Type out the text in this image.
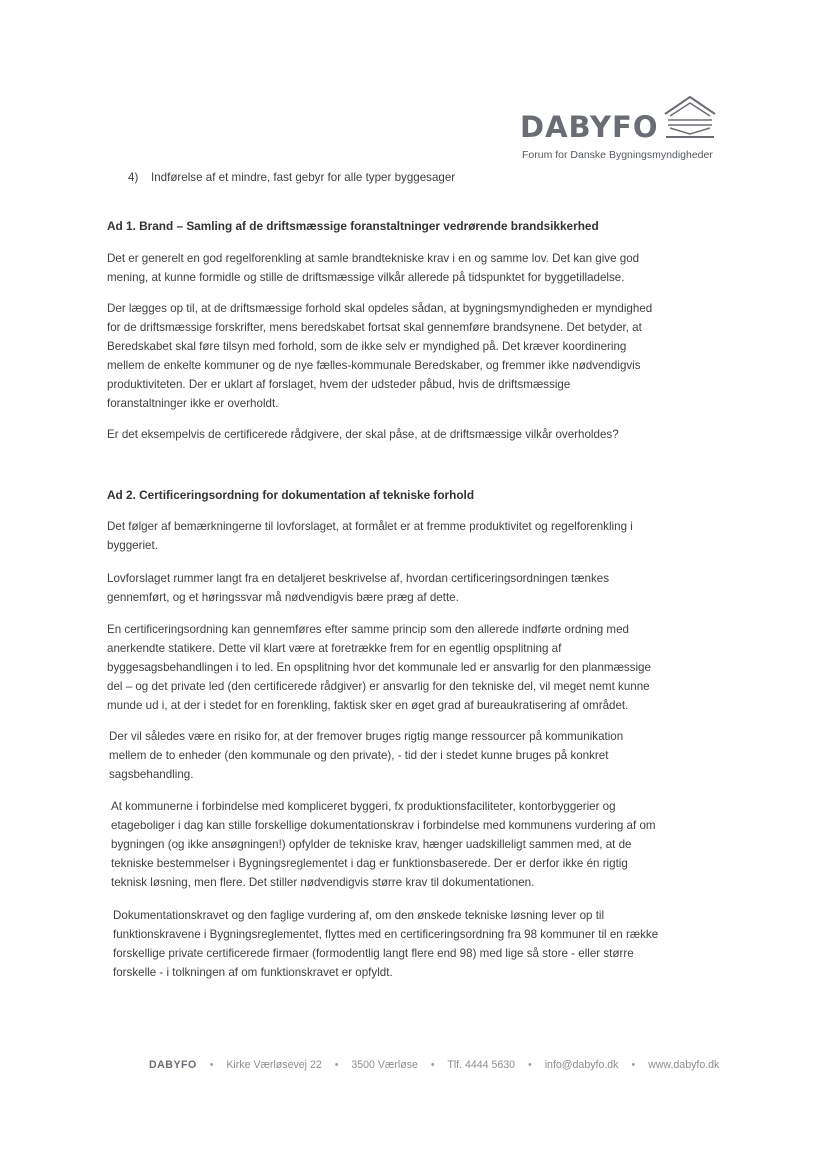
DABYFO
Forum for Danske Bygningsmyndigheder
4) Indførelse af et mindre, fast gebyr for alle typer byggesager
Ad 1. Brand – Samling af de driftsmæssige foranstaltninger vedrørende brandsikkerhed
Det er generelt en god regelforenkling at samle brandtekniske krav i en og samme lov. Det kan give god
mening, at kunne formidle og stille de driftsmæssige vilkår allerede på tidspunktet for byggetilladelse.
Der lægges op til, at de driftsmæssige forhold skal opdeles sådan, at bygningsmyndigheden er myndighed
for de driftsmæssige forskrifter, mens beredskabet fortsat skal gennemføre brandsynene. Det betyder, at
Beredskabet skal føre tilsyn med forhold, som de ikke selv er myndighed på. Det kræver koordinering
mellem de enkelte kommuner og de nye fælles-kommunale Beredskaber, og fremmer ikke nødvendigvis
produktiviteten. Der er uklart af forslaget, hvem der udsteder påbud, hvis de driftsmæssige
foranstaltninger ikke er overholdt.
Er det eksempelvis de certificerede rådgivere, der skal påse, at de driftsmæssige vilkår overholdes?
Ad 2. Certificeringsordning for dokumentation af tekniske forhold
Det følger af bemærkningerne til lovforslaget, at formålet er at fremme produktivitet og regelforenkling i
byggeriet.
Lovforslaget rummer langt fra en detaljeret beskrivelse af, hvordan certificeringsordningen tænkes
gennemført, og et høringssvar må nødvendigvis bære præg af dette.
En certificeringsordning kan gennemføres efter samme princip som den allerede indførte ordning med
anerkendte statikere. Dette vil klart være at foretrække frem for en egentlig opsplitning af
byggesagsbehandlingen i to led. En opsplitning hvor det kommunale led er ansvarlig for den planmæssige
del – og det private led (den certificerede rådgiver) er ansvarlig for den tekniske del, vil meget nemt kunne
munde ud i, at der i stedet for en forenkling, faktisk sker en øget grad af bureaukratisering af området.
Der vil således være en risiko for, at der fremover bruges rigtig mange ressourcer på kommunikation
mellem de to enheder (den kommunale og den private), - tid der i stedet kunne bruges på konkret
sagsbehandling.
At kommunerne i forbindelse med kompliceret byggeri, fx produktionsfaciliteter, kontorbyggerier og
etageboliger i dag kan stille forskellige dokumentationskrav i forbindelse med kommunens vurdering af om
bygningen (og ikke ansøgningen!) opfylder de tekniske krav, hænger uadskilleligt sammen med, at de
tekniske bestemmelser i Bygningsreglementet i dag er funktionsbaserede. Der er derfor ikke én rigtig
teknisk løsning, men flere. Det stiller nødvendigvis større krav til dokumentationen.
Dokumentationskravet og den faglige vurdering af, om den ønskede tekniske løsning lever op til
funktionskravene i Bygningsreglementet, flyttes med en certificeringsordning fra 98 kommuner til en række
forskellige private certificerede firmaer (formodentlig langt flere end 98) med lige så store - eller større
forskelle - i tolkningen af om funktionskravet er opfyldt.
DABYFO • Kirke Værløsevej 22 • 3500 Værløse • Tlf. 4444 5630 • info@dabyfo.dk • www.dabyfo.dk
